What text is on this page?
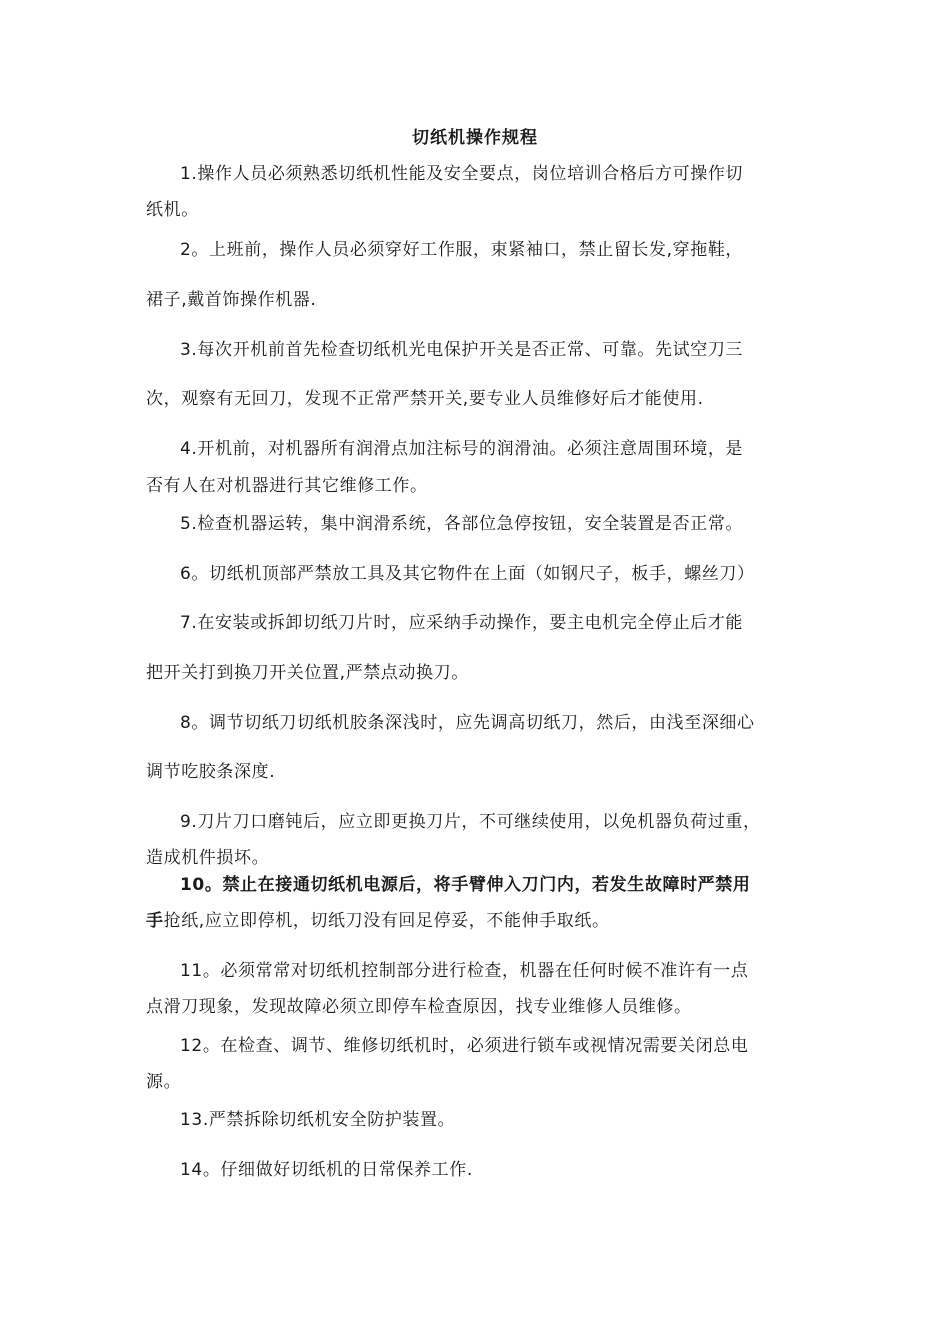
切纸机操作规程
1.操作人员必须熟悉切纸机性能及安全要点，岗位培训合格后方可操作切
纸机。
2。上班前，操作人员必须穿好工作服，束紧袖口，禁止留长发,穿拖鞋，
裙子,戴首饰操作机器.
3.每次开机前首先检查切纸机光电保护开关是否正常、可靠。先试空刀三
次，观察有无回刀，发现不正常严禁开关,要专业人员维修好后才能使用.
4.开机前，对机器所有润滑点加注标号的润滑油。必须注意周围环境，是
否有人在对机器进行其它维修工作。
5.检查机器运转，集中润滑系统，各部位急停按钮，安全装置是否正常。
6。切纸机顶部严禁放工具及其它物件在上面（如钢尺子，板手，螺丝刀）
7.在安装或拆卸切纸刀片时，应采纳手动操作，要主电机完全停止后才能
把开关打到换刀开关位置,严禁点动换刀。
8。调节切纸刀切纸机胶条深浅时，应先调高切纸刀，然后，由浅至深细心
调节吃胶条深度.
9.刀片刀口磨钝后，应立即更换刀片，不可继续使用，以免机器负荷过重，
造成机件损坏。
10。禁止在接通切纸机电源后，将手臂伸入刀门内，若发生故障时严禁用
手抢纸,应立即停机，切纸刀没有回足停妥，不能伸手取纸。
11。必须常常对切纸机控制部分进行检查，机器在任何时候不准许有一点
点滑刀现象，发现故障必须立即停车检查原因，找专业维修人员维修。
12。在检查、调节、维修切纸机时，必须进行锁车或视情况需要关闭总电
源。
13.严禁拆除切纸机安全防护装置。
14。仔细做好切纸机的日常保养工作.
